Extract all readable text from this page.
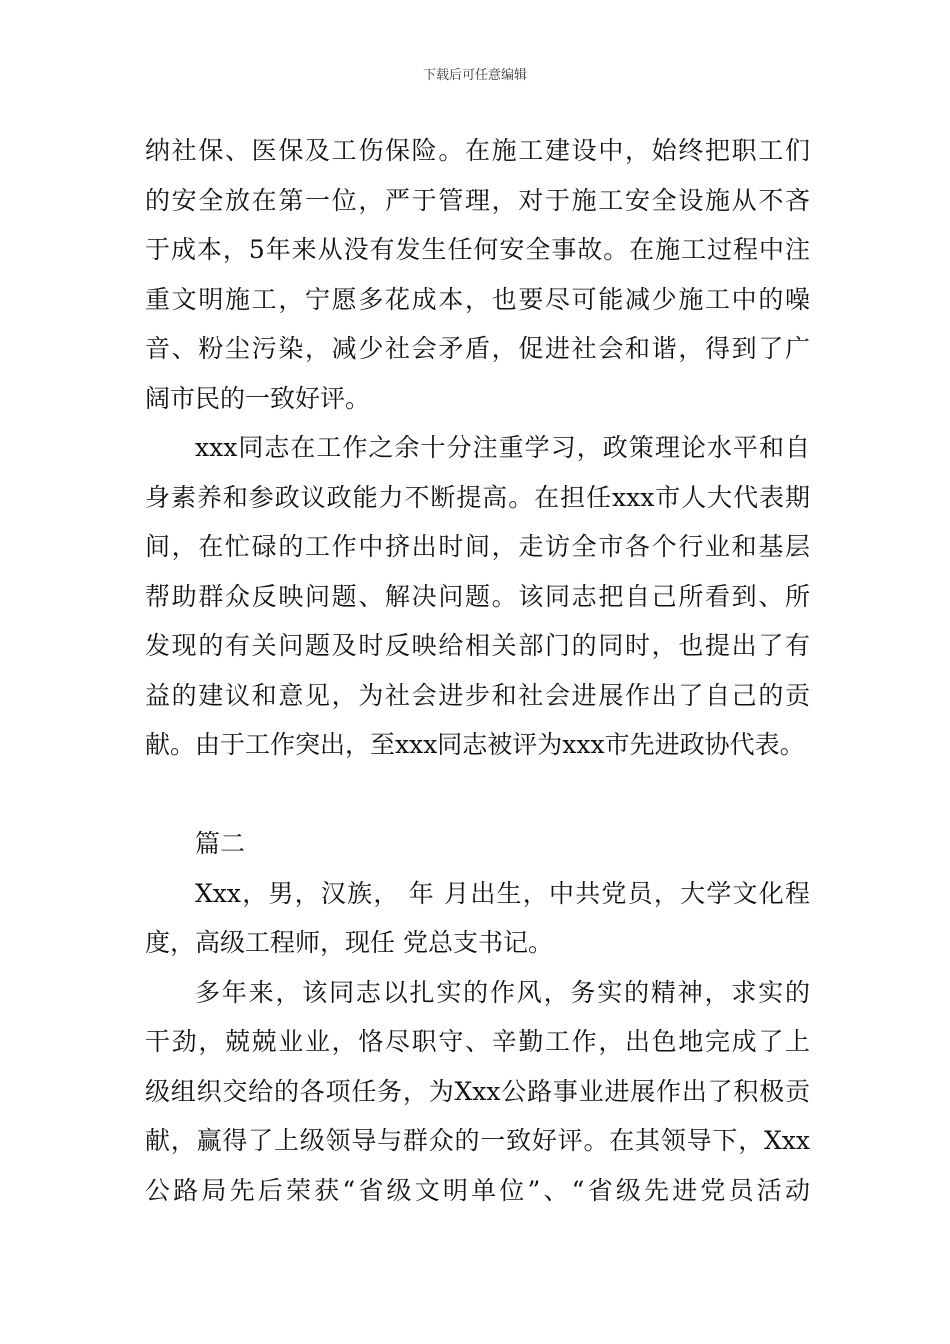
下载后可任意编辑
纳社保、医保及工伤保险。在施工建设中，始终把职工们
的安全放在第一位，严于管理，对于施工安全设施从不吝
于成本，5年来从没有发生任何安全事故。在施工过程中注
重文明施工，宁愿多花成本，也要尽可能减少施工中的噪
音、粉尘污染，减少社会矛盾，促进社会和谐，得到了广
阔市民的一致好评。
xxx同志在工作之余十分注重学习，政策理论水平和自
身素养和参政议政能力不断提高。在担任xxx市人大代表期
间，在忙碌的工作中挤出时间，走访全市各个行业和基层
帮助群众反映问题、解决问题。该同志把自己所看到、所
发现的有关问题及时反映给相关部门的同时，也提出了有
益的建议和意见，为社会进步和社会进展作出了自己的贡
献。由于工作突出，至xxx同志被评为xxx市先进政协代表。
篇二
Xxx，男，汉族， 年 月出生，中共党员，大学文化程
度，高级工程师，现任 党总支书记。
多年来，该同志以扎实的作风，务实的精神，求实的
干劲，兢兢业业，恪尽职守、辛勤工作，出色地完成了上
级组织交给的各项任务，为Xxx公路事业进展作出了积极贡
献，赢得了上级领导与群众的一致好评。在其领导下，Xxx
公路局先后荣获“省级文明单位”、“省级先进党员活动
